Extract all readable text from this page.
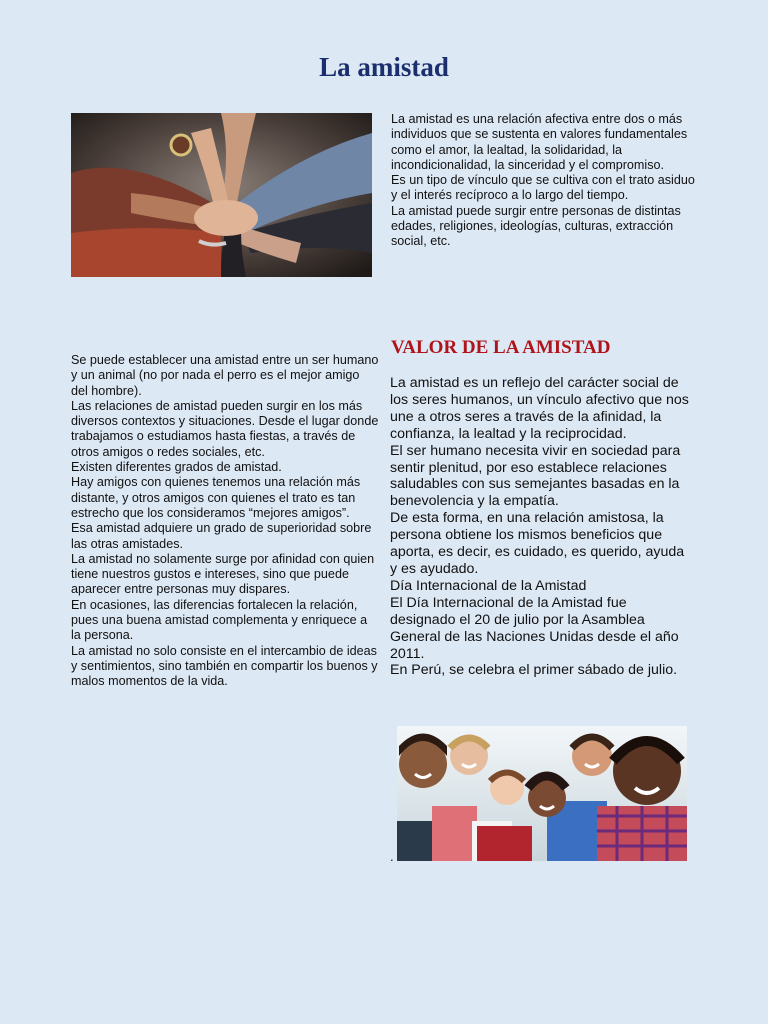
La amistad
La amistad es una relación afectiva entre dos o más individuos que se sustenta en valores fundamentales como el amor, la lealtad, la solidaridad, la incondicionalidad, la sinceridad y el compromiso.
Es un tipo de vínculo que se cultiva con el trato asiduo y el interés recíproco a lo largo del tiempo.
La amistad puede surgir entre personas de distintas edades, religiones, ideologías, culturas, extracción social, etc.
VALOR DE LA AMISTAD
Se puede establecer una amistad entre un ser humano y un animal (no por nada el perro es el mejor amigo del hombre).
Las relaciones de amistad pueden surgir en los más diversos contextos y situaciones. Desde el lugar donde trabajamos o estudiamos hasta fiestas, a través de otros amigos o redes sociales, etc.
Existen diferentes grados de amistad.
Hay amigos con quienes tenemos una relación más distante, y otros amigos con quienes el trato es tan estrecho que los consideramos “mejores amigos”.
Esa amistad adquiere un grado de superioridad sobre las otras amistades.
La amistad no solamente surge por afinidad con quien tiene nuestros gustos e intereses, sino que puede aparecer entre personas muy dispares.
En ocasiones, las diferencias fortalecen la relación, pues una buena amistad complementa y enriquece a la persona.
La amistad no solo consiste en el intercambio de ideas y sentimientos, sino también en compartir los buenos y malos momentos de la vida.
La amistad es un reflejo del carácter social de los seres humanos, un vínculo afectivo que nos une a otros seres a través de la afinidad, la confianza, la lealtad y la reciprocidad.
El ser humano necesita vivir en sociedad para sentir plenitud, por eso establece relaciones saludables con sus semejantes basadas en la benevolencia y la empatía.
De esta forma, en una relación amistosa, la persona obtiene los mismos beneficios que aporta, es decir, es cuidado, es querido, ayuda y es ayudado.
Día Internacional de la Amistad
El Día Internacional de la Amistad fue designado el 20 de julio por la Asamblea General de las Naciones Unidas desde el año 2011.
En Perú, se celebra el primer sábado de julio.
.
